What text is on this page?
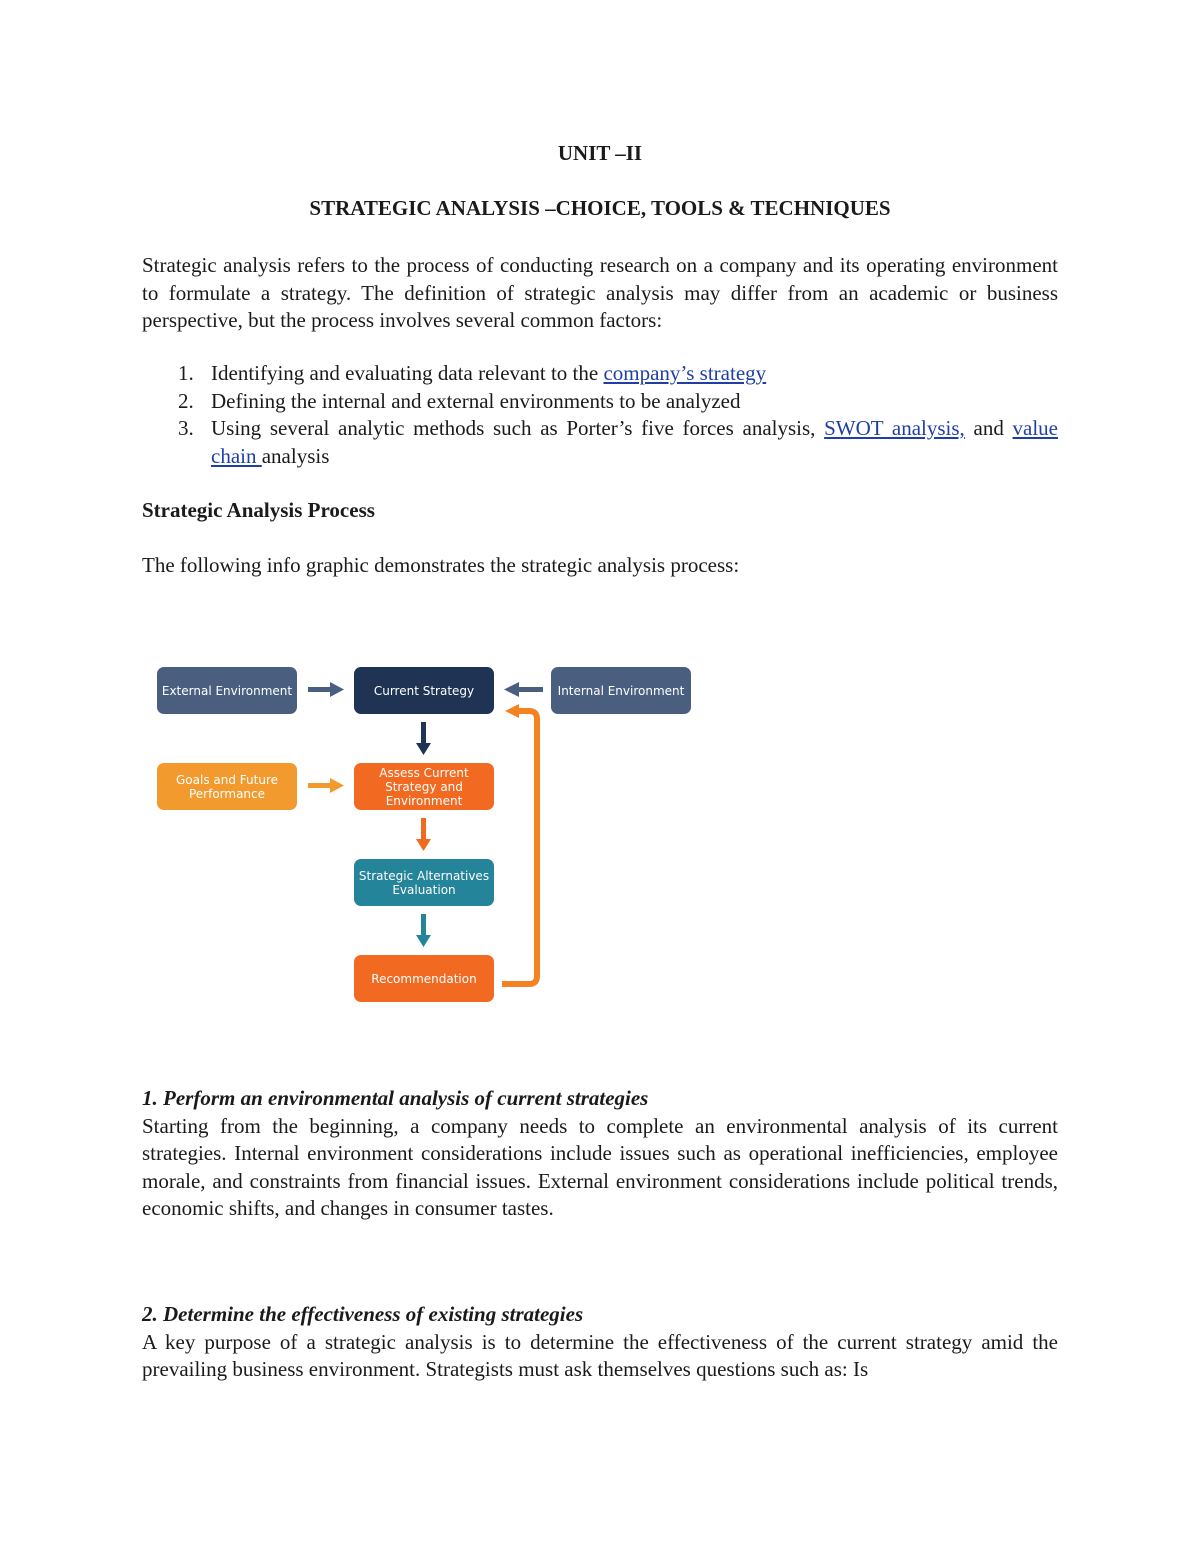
UNIT –II

STRATEGIC ANALYSIS –CHOICE, TOOLS & TECHNIQUES

Strategic analysis refers to the process of conducting research on a company and its operating environment to formulate a strategy. The definition of strategic analysis may differ from an academic or business perspective, but the process involves several common factors:

1. Identifying and evaluating data relevant to the company’s strategy
2. Defining the internal and external environments to be analyzed
3. Using several analytic methods such as Porter’s five forces analysis, SWOT analysis, and value chain analysis

Strategic Analysis Process

The following info graphic demonstrates the strategic analysis process:

1. Perform an environmental analysis of current strategies

Starting from the beginning, a company needs to complete an environmental analysis of its current strategies. Internal environment considerations include issues such as operational inefficiencies, employee morale, and constraints from financial issues. External environment considerations include political trends, economic shifts, and changes in consumer tastes.

2. Determine the effectiveness of existing strategies

A key purpose of a strategic analysis is to determine the effectiveness of the current strategy amid the prevailing business environment. Strategists must ask themselves questions such as: Is

External Environment	Current Strategy	Internal Environment
Goals and Future Performance
Assess Current Strategy and Environment
Strategic Alternatives Evaluation
Recommendation
